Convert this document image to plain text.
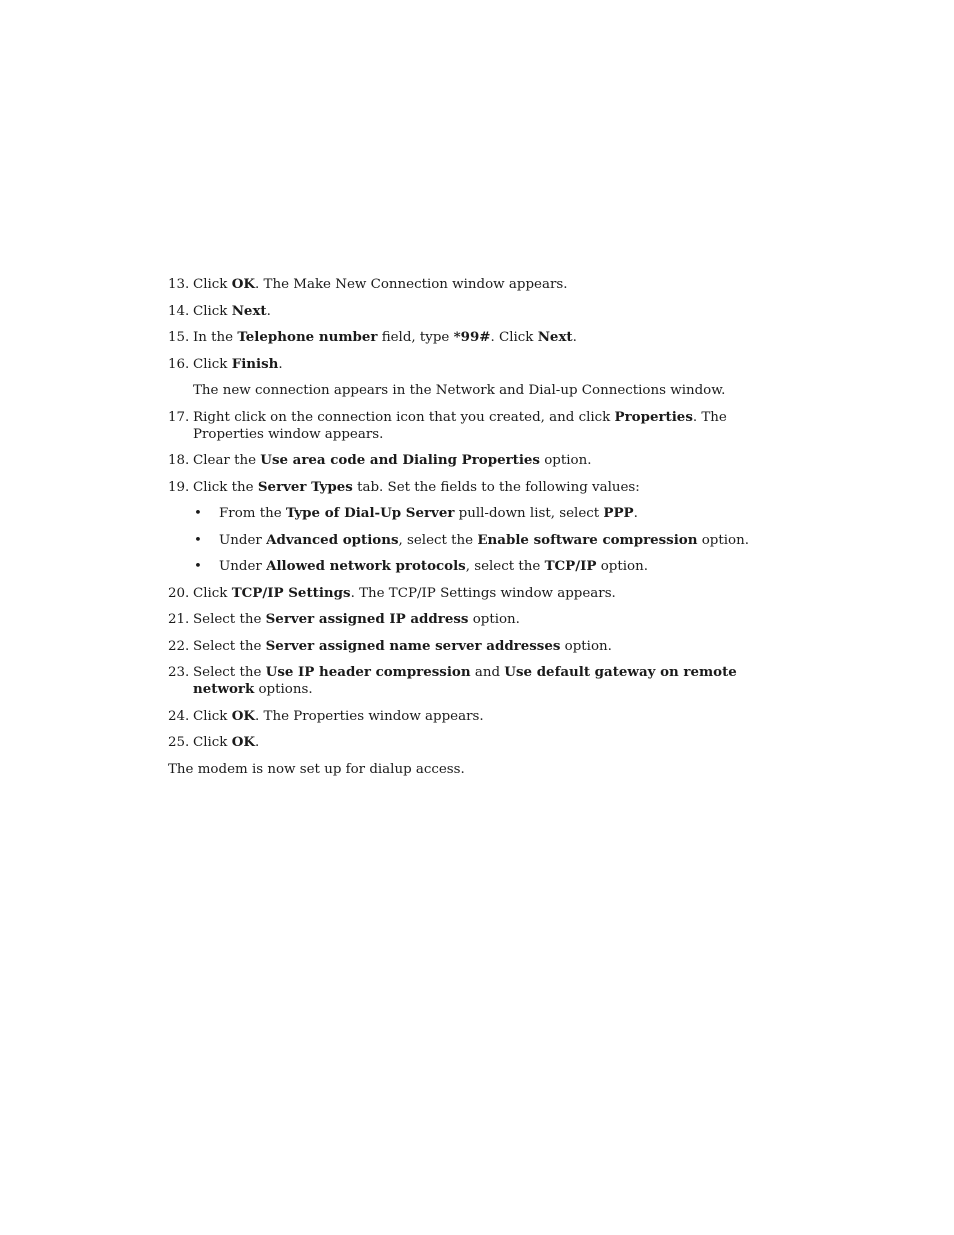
13. Click OK. The Make New Connection window appears.
14. Click Next.
15. In the Telephone number field, type *99#. Click Next.
16. Click Finish.
The new connection appears in the Network and Dial-up Connections window.
17. Right click on the connection icon that you created, and click Properties. The Properties window appears.
18. Clear the Use area code and Dialing Properties option.
19. Click the Server Types tab. Set the fields to the following values:
•	From the Type of Dial-Up Server pull-down list, select PPP.
•	Under Advanced options, select the Enable software compression option.
•	Under Allowed network protocols, select the TCP/IP option.
20. Click TCP/IP Settings. The TCP/IP Settings window appears.
21. Select the Server assigned IP address option.
22. Select the Server assigned name server addresses option.
23. Select the Use IP header compression and Use default gateway on remote network options.
24. Click OK. The Properties window appears.
25. Click OK.
The modem is now set up for dialup access.
